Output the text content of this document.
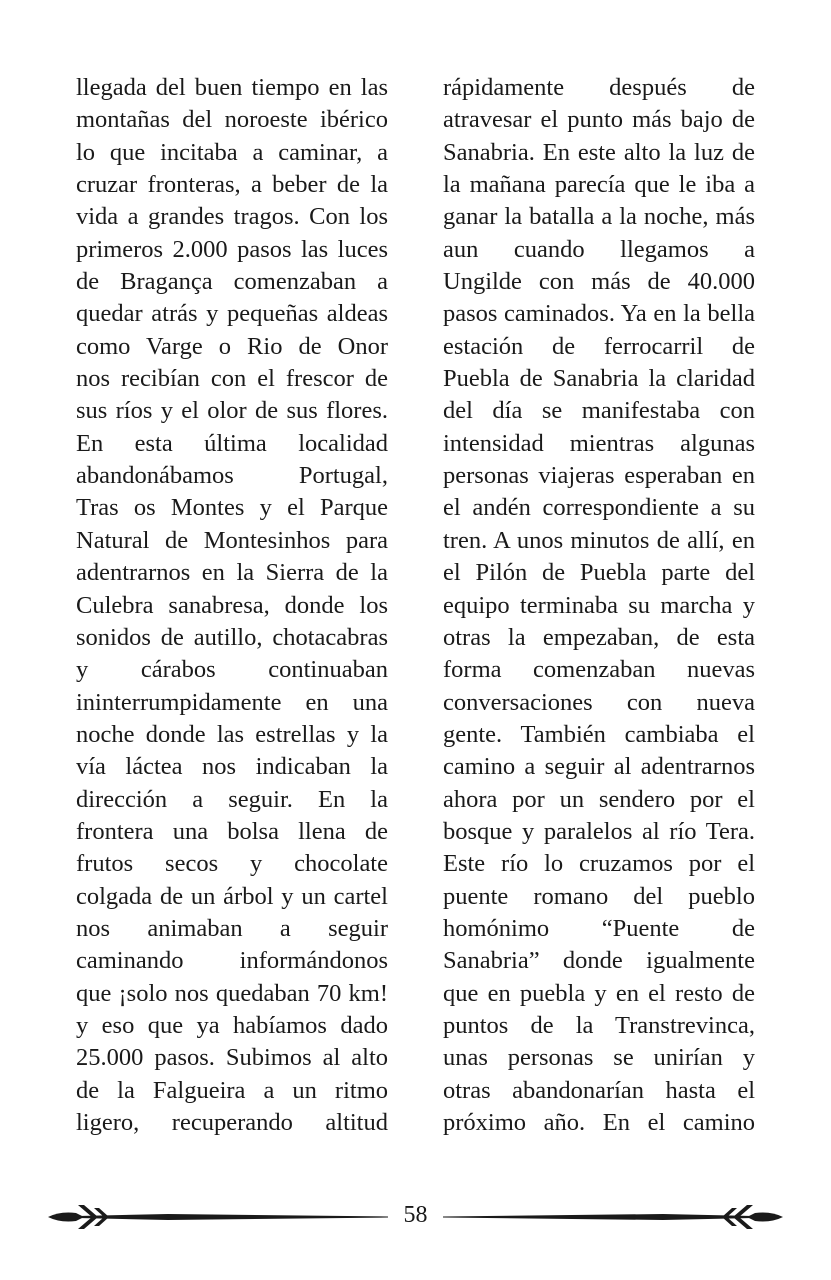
llegada del buen tiempo en las
montañas del noroeste ibérico
lo que incitaba a caminar, a
cruzar fronteras, a beber de la
vida a grandes tragos. Con los
primeros 2.000 pasos las luces
de Bragança comenzaban a
quedar atrás y pequeñas aldeas
como Varge o Rio de Onor
nos recibían con el frescor de
sus ríos y el olor de sus flores.
En esta última localidad
abandonábamos Portugal,
Tras os Montes y el Parque
Natural de Montesinhos para
adentrarnos en la Sierra de la
Culebra sanabresa, donde los
sonidos de autillo, chotacabras
y cárabos continuaban
ininterrumpidamente en una
noche donde las estrellas y la
vía láctea nos indicaban la
dirección a seguir. En la
frontera una bolsa llena de
frutos secos y chocolate
colgada de un árbol y un cartel
nos animaban a seguir
caminando informándonos
que ¡solo nos quedaban 70 km!
y eso que ya habíamos dado
25.000 pasos. Subimos al alto
de la Falgueira a un ritmo
ligero, recuperando altitud
rápidamente después de
atravesar el punto más bajo de
Sanabria. En este alto la luz de
la mañana parecía que le iba a
ganar la batalla a la noche, más
aun cuando llegamos a
Ungilde con más de 40.000
pasos caminados. Ya en la bella
estación de ferrocarril de
Puebla de Sanabria la claridad
del día se manifestaba con
intensidad mientras algunas
personas viajeras esperaban en
el andén correspondiente a su
tren. A unos minutos de allí, en
el Pilón de Puebla parte del
equipo terminaba su marcha y
otras la empezaban, de esta
forma comenzaban nuevas
conversaciones con nueva
gente. También cambiaba el
camino a seguir al adentrarnos
ahora por un sendero por el
bosque y paralelos al río Tera.
Este río lo cruzamos por el
puente romano del pueblo
homónimo “Puente de
Sanabria” donde igualmente
que en puebla y en el resto de
puntos de la Transtrevinca,
unas personas se unirían y
otras abandonarían hasta el
próximo año. En el camino
58
